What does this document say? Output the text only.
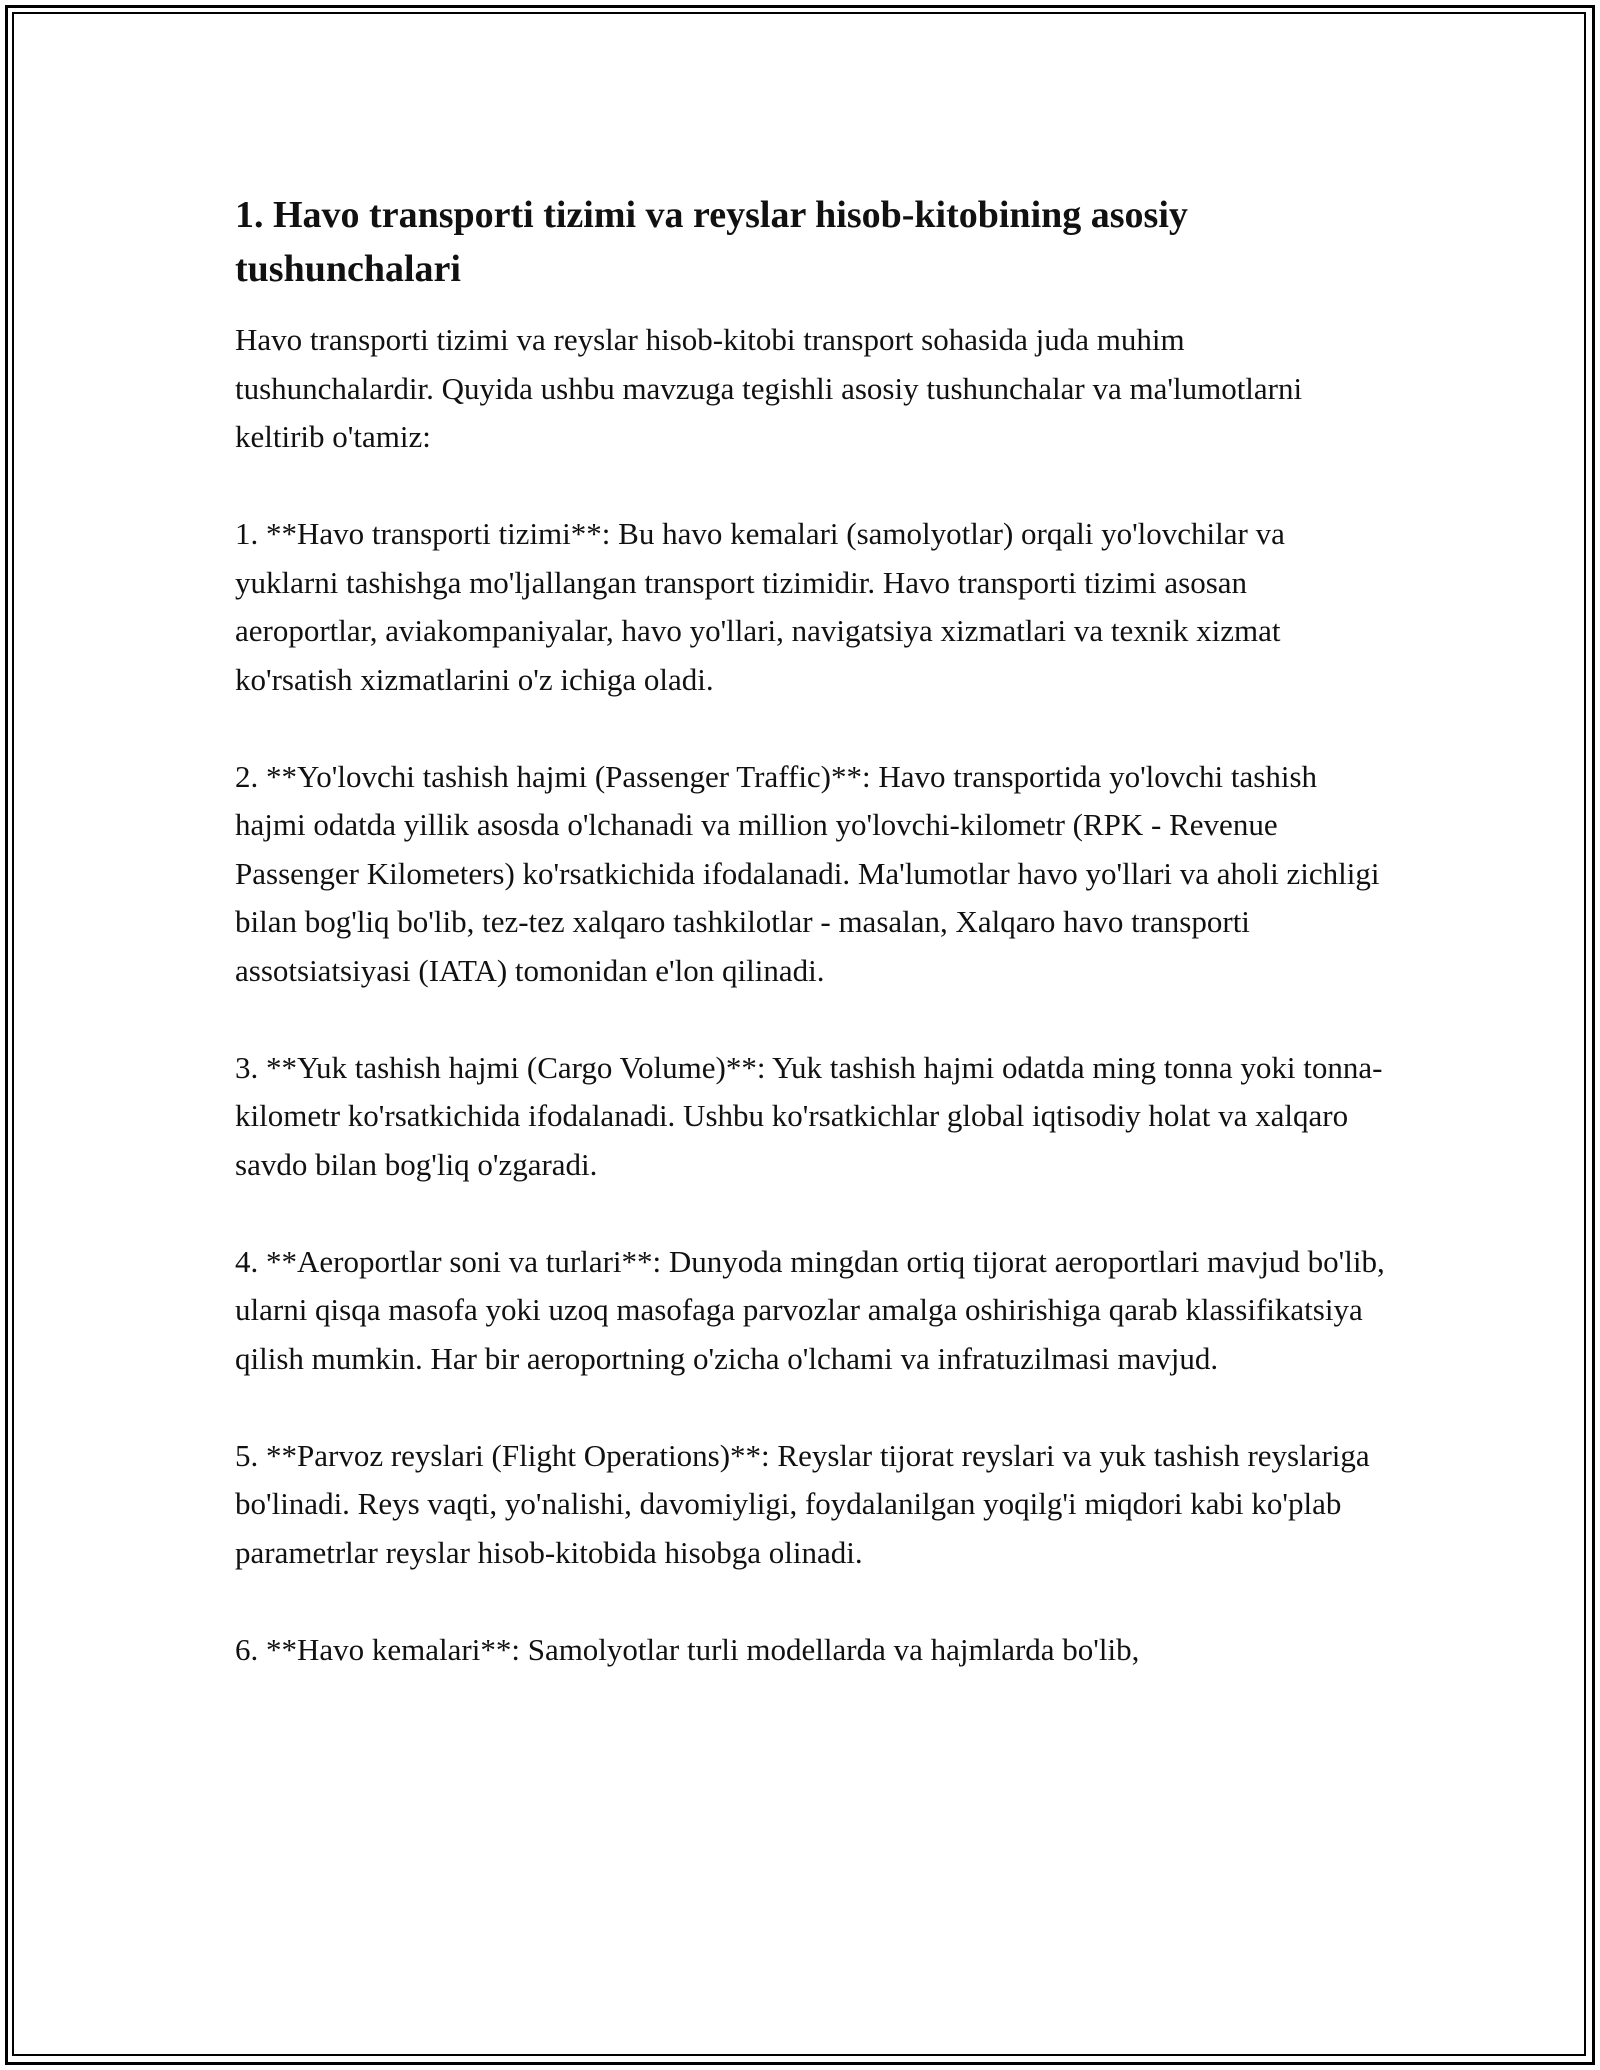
1. Havo transporti tizimi va reyslar hisob-kitobining asosiy tushunchalari

Havo transporti tizimi va reyslar hisob-kitobi transport sohasida juda muhim tushunchalardir. Quyida ushbu mavzuga tegishli asosiy tushunchalar va ma'lumotlarni keltirib o'tamiz:

1. **Havo transporti tizimi**: Bu havo kemalari (samolyotlar) orqali yo'lovchilar va yuklarni tashishga mo'ljallangan transport tizimidir. Havo transporti tizimi asosan aeroportlar, aviakompaniyalar, havo yo'llari, navigatsiya xizmatlari va texnik xizmat ko'rsatish xizmatlarini o'z ichiga oladi.

2. **Yo'lovchi tashish hajmi (Passenger Traffic)**: Havo transportida yo'lovchi tashish hajmi odatda yillik asosda o'lchanadi va million yo'lovchi-kilometr (RPK - Revenue Passenger Kilometers) ko'rsatkichida ifodalanadi. Ma'lumotlar havo yo'llari va aholi zichligi bilan bog'liq bo'lib, tez-tez xalqaro tashkilotlar - masalan, Xalqaro havo transporti assotsiatsiyasi (IATA) tomonidan e'lon qilinadi.

3. **Yuk tashish hajmi (Cargo Volume)**: Yuk tashish hajmi odatda ming tonna yoki tonna-kilometr ko'rsatkichida ifodalanadi. Ushbu ko'rsatkichlar global iqtisodiy holat va xalqaro savdo bilan bog'liq o'zgaradi.

4. **Aeroportlar soni va turlari**: Dunyoda mingdan ortiq tijorat aeroportlari mavjud bo'lib, ularni qisqa masofa yoki uzoq masofaga parvozlar amalga oshirishiga qarab klassifikatsiya qilish mumkin. Har bir aeroportning o'zicha o'lchami va infratuzilmasi mavjud.

5. **Parvoz reyslari (Flight Operations)**: Reyslar tijorat reyslari va yuk tashish reyslariga bo'linadi. Reys vaqti, yo'nalishi, davomiyligi, foydalanilgan yoqilg'i miqdori kabi ko'plab parametrlar reyslar hisob-kitobida hisobga olinadi.

6. **Havo kemalari**: Samolyotlar turli modellarda va hajmlarda bo'lib,
